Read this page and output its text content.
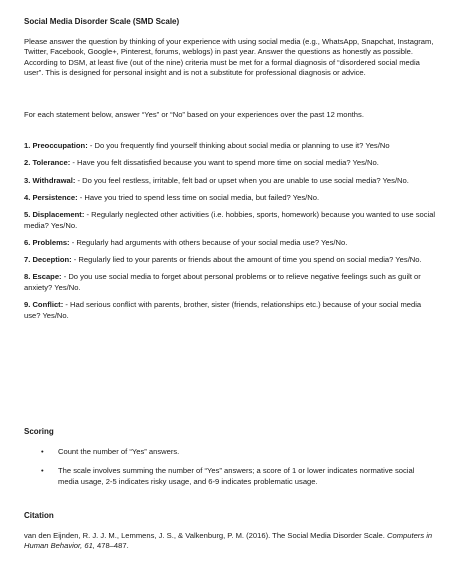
Social Media Disorder Scale (SMD Scale)
Please answer the question by thinking of your experience with using social media (e.g., WhatsApp, Snapchat, Instagram, Twitter, Facebook, Google+, Pinterest, forums, weblogs) in past year. Answer the questions as honestly as possible. According to DSM, at least five (out of the nine) criteria must be met for a formal diagnosis of “disordered social media user”. This is designed for personal insight and is not a substitute for professional diagnosis or advice.
For each statement below, answer “Yes” or “No” based on your experiences over the past 12 months.

1. Preoccupation: - Do you frequently find yourself thinking about social media or planning to use it? Yes/No

2. Tolerance: - Have you felt dissatisfied because you want to spend more time on social media? Yes/No.

3. Withdrawal: - Do you feel restless, irritable, felt bad or upset when you are unable to use social media? Yes/No.

4. Persistence: - Have you tried to spend less time on social media, but failed? Yes/No.

5. Displacement: - Regularly neglected other activities (i.e. hobbies, sports, homework) because you wanted to use social media? Yes/No.

6. Problems: - Regularly had arguments with others because of your social media use? Yes/No.

7. Deception: - Regularly lied to your parents or friends about the amount of time you spend on social media? Yes/No.

8. Escape: - Do you use social media to forget about personal problems or to relieve negative feelings such as guilt or anxiety? Yes/No.

9. Conflict: - Had serious conflict with parents, brother, sister (friends, relationships etc.) because of your social media use? Yes/No.

Scoring
• Count the number of “Yes” answers.
• The scale involves summing the number of “Yes” answers; a score of 1 or lower indicates normative social media usage, 2-5 indicates risky usage, and 6-9 indicates problematic usage.
Citation
van den Eijnden, R. J. J. M., Lemmens, J. S., & Valkenburg, P. M. (2016). The Social Media Disorder Scale. Computers in Human Behavior, 61, 478–487.
